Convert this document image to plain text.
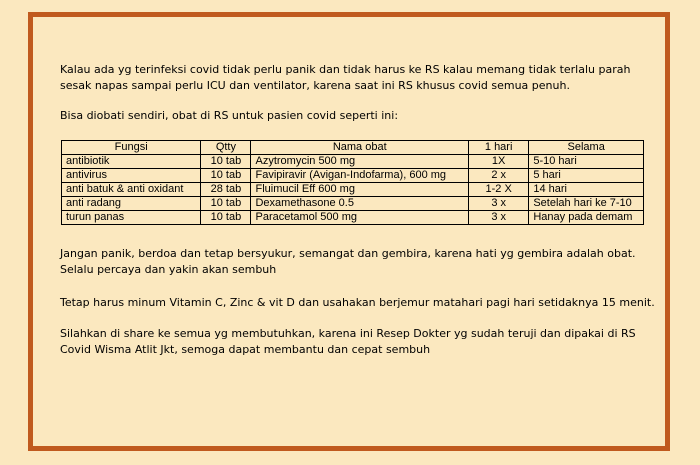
Kalau ada yg terinfeksi covid tidak perlu panik dan tidak harus ke RS kalau memang tidak terlalu parah sesak napas sampai perlu ICU dan ventilator, karena saat ini RS khusus covid semua penuh.

Bisa diobati sendiri, obat di RS untuk pasien covid seperti ini:

Jangan panik, berdoa dan tetap bersyukur, semangat dan gembira, karena hati yg gembira adalah obat. Selalu percaya dan yakin akan sembuh

Tetap harus minum Vitamin C, Zinc & vit D dan usahakan berjemur matahari pagi hari setidaknya 15 menit.

Silahkan di share ke semua yg membutuhkan, karena ini Resep Dokter yg sudah teruji dan dipakai di RS Covid Wisma Atlit Jkt, semoga dapat membantu dan cepat sembuh

Fungsi	Qtty	Nama obat	1 hari	Selama
antibiotik	10 tab	Azytromycin 500 mg	1X	5-10 hari
antivirus	10 tab	Favipiravir (Avigan-Indofarma), 600 mg	2 x	5 hari
anti batuk & anti oxidant	28 tab	Fluimucil Eff 600 mg	1-2 X	14 hari
anti radang	10 tab	Dexamethasone 0.5	3 x	Setelah hari ke 7-10
turun panas	10 tab	Paracetamol 500 mg	3 x	Hanay pada demam
